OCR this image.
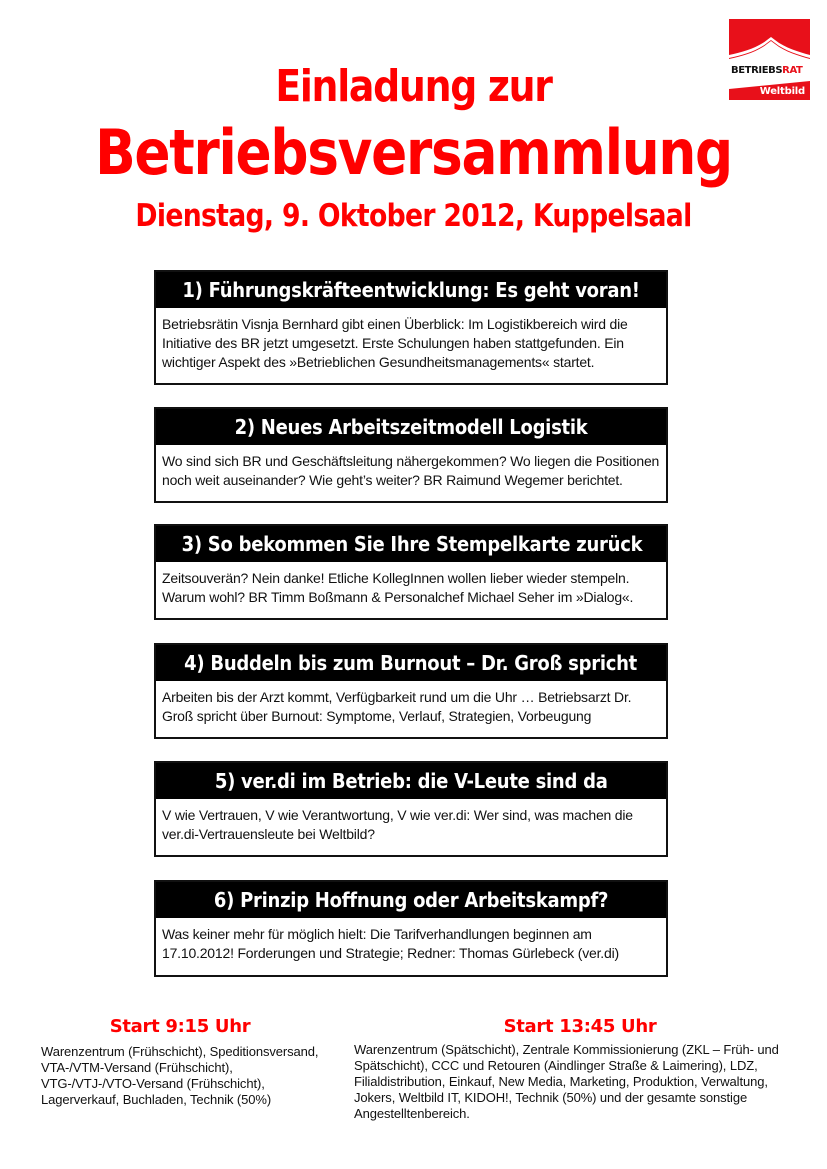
BETRIEBSRAT
Weltbild
Einladung zur
Betriebsversammlung
Dienstag, 9. Oktober 2012, Kuppelsaal
1) Führungskräfteentwicklung: Es geht voran!
Betriebsrätin Visnja Bernhard gibt einen Überblick: Im Logistikbereich wird die Initiative des BR jetzt umgesetzt. Erste Schulungen haben stattgefunden. Ein wichtiger Aspekt des »Betrieblichen Gesundheitsmanagements« startet.
2) Neues Arbeitszeitmodell Logistik
Wo sind sich BR und Geschäftsleitung nähergekommen? Wo liegen die Positionen noch weit auseinander? Wie geht’s weiter? BR Raimund Wegemer berichtet.
3) So bekommen Sie Ihre Stempelkarte zurück
Zeitsouverän? Nein danke! Etliche KollegInnen wollen lieber wieder stempeln. Warum wohl? BR Timm Boßmann & Personalchef Michael Seher im »Dialog«.
4) Buddeln bis zum Burnout – Dr. Groß spricht
Arbeiten bis der Arzt kommt, Verfügbarkeit rund um die Uhr … Betriebsarzt Dr. Groß spricht über Burnout: Symptome, Verlauf, Strategien, Vorbeugung
5) ver.di im Betrieb: die V-Leute sind da
V wie Vertrauen, V wie Verantwortung, V wie ver.di: Wer sind, was machen die ver.di-Vertrauensleute bei Weltbild?
6) Prinzip Hoffnung oder Arbeitskampf?
Was keiner mehr für möglich hielt: Die Tarifverhandlungen beginnen am 17.10.2012! Forderungen und Strategie; Redner: Thomas Gürlebeck (ver.di)
Start 9:15 Uhr
Warenzentrum (Frühschicht), Speditionsversand, VTA-/VTM-Versand (Frühschicht), VTG-/VTJ-/VTO-Versand (Frühschicht), Lagerverkauf, Buchladen, Technik (50%)
Start 13:45 Uhr
Warenzentrum (Spätschicht), Zentrale Kommissionierung (ZKL – Früh- und Spätschicht), CCC und Retouren (Aindlinger Straße & Laimering), LDZ, Filialdistribution, Einkauf, New Media, Marketing, Produktion, Verwaltung, Jokers, Weltbild IT, KIDOH!, Technik (50%) und der gesamte sonstige Angestelltenbereich.
